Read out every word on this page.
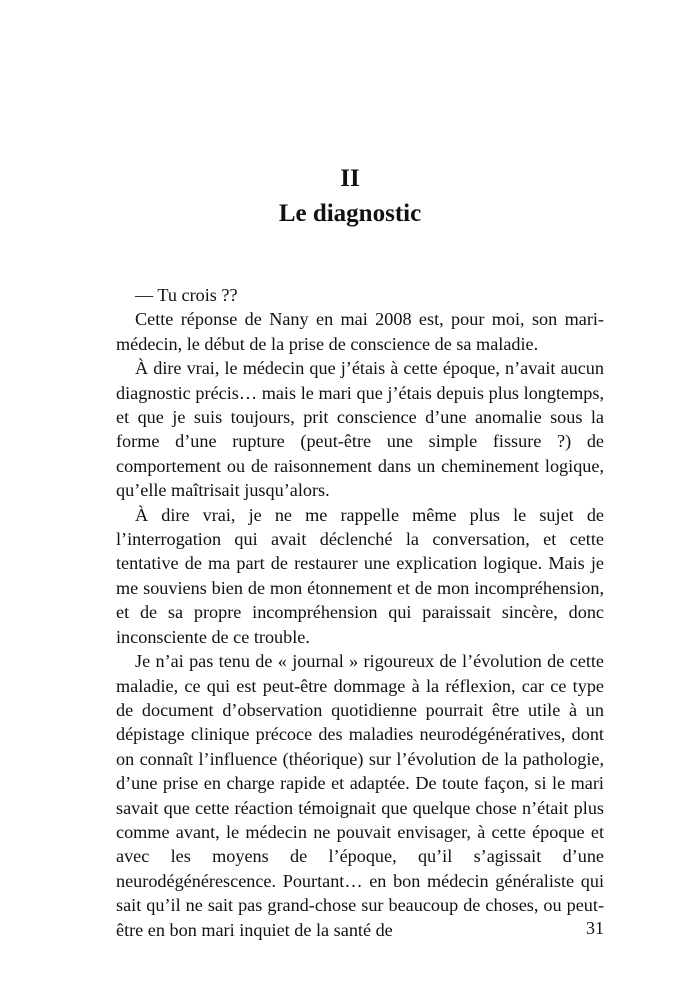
II
Le diagnostic

— Tu crois ??

Cette réponse de Nany en mai 2008 est, pour moi, son mari-médecin, le début de la prise de conscience de sa maladie.

À dire vrai, le médecin que j’étais à cette époque, n’avait aucun diagnostic précis… mais le mari que j’étais depuis plus longtemps, et que je suis toujours, prit conscience d’une anomalie sous la forme d’une rupture (peut-être une simple fissure ?) de comportement ou de raisonnement dans un cheminement logique, qu’elle maîtrisait jusqu’alors.

À dire vrai, je ne me rappelle même plus le sujet de l’interrogation qui avait déclenché la conversation, et cette tentative de ma part de restaurer une explication logique. Mais je me souviens bien de mon étonnement et de mon incompréhension, et de sa propre incompréhension qui paraissait sincère, donc inconsciente de ce trouble.

Je n’ai pas tenu de « journal » rigoureux de l’évolution de cette maladie, ce qui est peut-être dommage à la réflexion, car ce type de document d’observation quotidienne pourrait être utile à un dépistage clinique précoce des maladies neurodégénératives, dont on connaît l’influence (théorique) sur l’évolution de la pathologie, d’une prise en charge rapide et adaptée. De toute façon, si le mari savait que cette réaction témoignait que quelque chose n’était plus comme avant, le médecin ne pouvait envisager, à cette époque et avec les moyens de l’époque, qu’il s’agissait d’une neurodégénérescence. Pourtant… en bon médecin généraliste qui sait qu’il ne sait pas grand-chose sur beaucoup de choses, ou peut-être en bon mari inquiet de la santé de	31
